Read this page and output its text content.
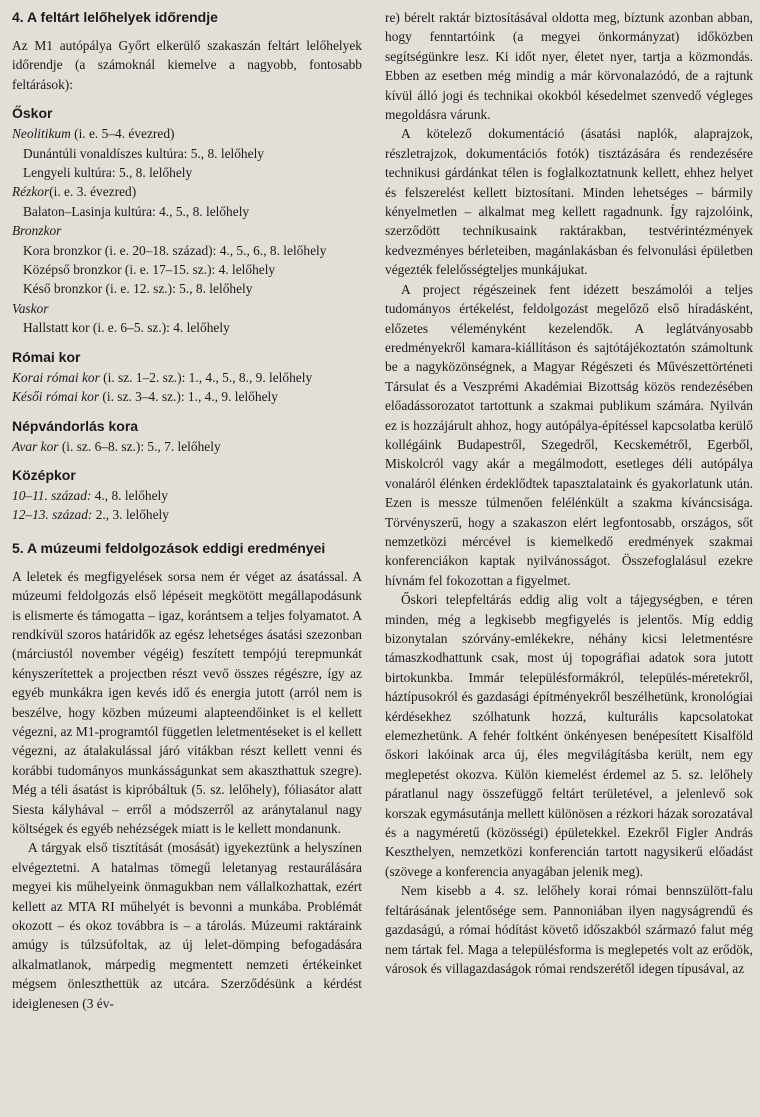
4. A feltárt lelőhelyek időrendje

Az M1 autópálya Győrt elkerülő szakaszán feltárt lelőhelyek időrendje (a számoknál kiemelve a nagyobb, fontosabb feltárások):

Őskor
Neolitikum (i. e. 5–4. évezred)
Dunántúli vonaldíszes kultúra: 5., 8. lelőhely
Lengyeli kultúra: 5., 8. lelőhely
Rézkor(i. e. 3. évezred)
Balaton–Lasinja kultúra: 4., 5., 8. lelőhely
Bronzkor
Kora bronzkor (i. e. 20–18. század): 4., 5., 6., 8. lelőhely
Középső bronzkor (i. e. 17–15. sz.): 4. lelőhely
Késő bronzkor (i. e. 12. sz.): 5., 8. lelőhely
Vaskor
Hallstatt kor (i. e. 6–5. sz.): 4. lelőhely
Római kor
Korai római kor (i. sz. 1–2. sz.): 1., 4., 5., 8., 9. lelőhely
Késői római kor (i. sz. 3–4. sz.): 1., 4., 9. lelőhely
Népvándorlás kora
Avar kor (i. sz. 6–8. sz.): 5., 7. lelőhely
Középkor
10–11. század: 4., 8. lelőhely
12–13. század: 2., 3. lelőhely
5. A múzeumi feldolgozások eddigi eredményei

A leletek és megfigyelések sorsa nem ér véget az ásatással. A múzeumi feldolgozás első lépéseit megkötött megállapodásunk is elismerte és támogatta – igaz, korántsem a teljes folyamatot. A rendkívül szoros határidők az egész lehetséges ásatási szezonban (márciustól november végéig) feszített tempójú terepmunkát kényszerítettek a projectben részt vevő összes régészre, így az egyéb munkákra igen kevés idő és energia jutott (arról nem is beszélve, hogy közben múzeumi alapteendőinket is el kellett végezni, az M1-programtól független leletmentéseket is el kellett végezni, az átalakulással járó vitákban részt kellett venni és korábbi tudományos munkásságunkat sem akaszthattuk szegre). Még a téli ásatást is kipróbáltuk (5. sz. lelőhely), fóliasátor alatt Siesta kályhával – erről a módszerről az aránytalanul nagy költségek és egyéb nehézségek miatt is le kellett mondanunk.

A tárgyak első tisztítását (mosását) igyekeztünk a helyszínen elvégeztetni. A hatalmas tömegű leletanyag restaurálására megyei kis műhelyeink önmagukban nem vállalkozhattak, ezért kellett az MTA RI műhelyét is bevonni a munkába. Problémát okozott – és okoz továbbra is – a tárolás. Múzeumi raktáraink amúgy is túlzsúfoltak, az új lelet-dömping befogadására alkalmatlanok, márpedig megmentett nemzeti értékeinket mégsem önleszthettük az utcára. Szerződésünk a kérdést ideiglenesen (3 év-

re) bérelt raktár biztosításával oldotta meg, bíztunk azonban abban, hogy fenntartóink (a megyei önkormányzat) időközben segítségünkre lesz. Ki időt nyer, életet nyer, tartja a közmondás. Ebben az esetben még mindig a már körvonalazódó, de a rajtunk kívül álló jogi és technikai okokból késedelmet szenvedő végleges megoldásra várunk.

A kötelező dokumentáció (ásatási naplók, alaprajzok, részletrajzok, dokumentációs fotók) tisztázására és rendezésére technikusi gárdánkat télen is foglalkoztatnunk kellett, ehhez helyet és felszerelést kellett biztosítani. Minden lehetséges – bármily kényelmetlen – alkalmat meg kellett ragadnunk. Így rajzolóink, szerződött technikusaink raktárakban, testvérintézmények kedvezményes bérleteiben, magánlakásban és felvonulási épületben végezték felelősségteljes munkájukat.

A project régészeinek fent idézett beszámolói a teljes tudományos értékelést, feldolgozást megelőző első híradásként, előzetes véleményként kezelendők. A leglátványosabb eredményekről kamara-kiállításon és sajtótájékoztatón számoltunk be a nagyközönségnek, a Magyar Régészeti és Művészettörténeti Társulat és a Veszprémi Akadémiai Bizottság közös rendezésében előadássorozatot tartottunk a szakmai publikum számára. Nyilván ez is hozzájárult ahhoz, hogy autópálya-építéssel kapcsolatba kerülő kollégáink Budapestről, Szegedről, Kecskemétről, Egerből, Miskolcról vagy akár a megálmodott, esetleges déli autópálya vonaláról élénken érdeklődtek tapasztalataink és gyakorlatunk után. Ezen is messze túlmenően felélénkült a szakma kíváncsisága. Törvényszerű, hogy a szakaszon elért legfontosabb, országos, sőt nemzetközi mércével is kiemelkedő eredmények szakmai konferenciákon kaptak nyilvánosságot. Összefoglalásul ezekre hívnám fel fokozottan a figyelmet.

Őskori telepfeltárás eddig alig volt a tájegységben, e téren minden, még a legkisebb megfigyelés is jelentős. Míg eddig bizonytalan szórvány-emlékekre, néhány kicsi leletmentésre támaszkodhattunk csak, most új topográfiai adatok sora jutott birtokunkba. Immár településformákról, település-méretekről, háztípusokról és gazdasági építményekről beszélhetünk, kronológiai kérdésekhez szólhatunk hozzá, kulturális kapcsolatokat elemezhetünk. A fehér foltként önkényesen benépesített Kisalföld őskori lakóinak arca új, éles megvilágításba került, nem egy meglepetést okozva. Külön kiemelést érdemel az 5. sz. lelőhely páratlanul nagy összefüggő feltárt területével, a jelenlevő sok korszak egymásutánja mellett különösen a rézkori házak sorozatával és a nagyméretű (közösségi) épületekkel. Ezekről Figler András Keszthelyen, nemzetközi konferencián tartott nagysikerű előadást (szövege a konferencia anyagában jelenik meg).

Nem kisebb a 4. sz. lelőhely korai római bennszülött-falu feltárásának jelentősége sem. Pannoniában ilyen nagyságrendű és gazdaságú, a római hódítást követő időszakból származó falut még nem tártak fel. Maga a településforma is meglepetés volt az erődök, városok és villagazdaságok római rendszerétől idegen típusával, az
